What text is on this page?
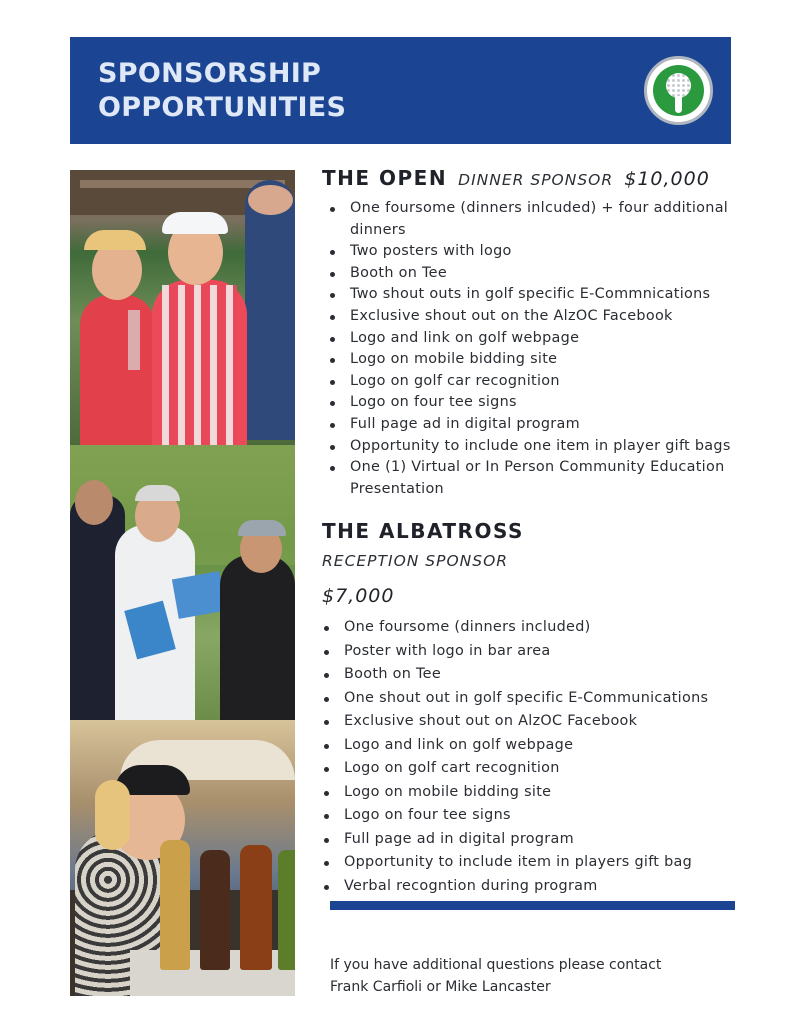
SPONSORSHIP
OPPORTUNITIES
THE OPEN DINNER SPONSOR $10,000
One foursome (dinners inlcuded) + four additional dinners
Two posters with logo
Booth on Tee
Two shout outs in golf specific E-Commnications
Exclusive shout out on the AlzOC Facebook
Logo and link on golf webpage
Logo on mobile bidding site
Logo on golf car recognition
Logo on four tee signs
Full page ad in digital program
Opportunity to include one item in player gift bags
One (1) Virtual or In Person Community Education Presentation
THE ALBATROSS
RECEPTION SPONSOR
$7,000
One foursome (dinners included)
Poster with logo in bar area
Booth on Tee
One shout out in golf specific E-Communications
Exclusive shout out on AlzOC Facebook
Logo and link on golf webpage
Logo on golf cart recognition
Logo on mobile bidding site
Logo on four tee signs
Full page ad in digital program
Opportunity to include item in players gift bag
Verbal recogntion during program
If you have additional questions please contact
Frank Carfioli or Mike Lancaster
